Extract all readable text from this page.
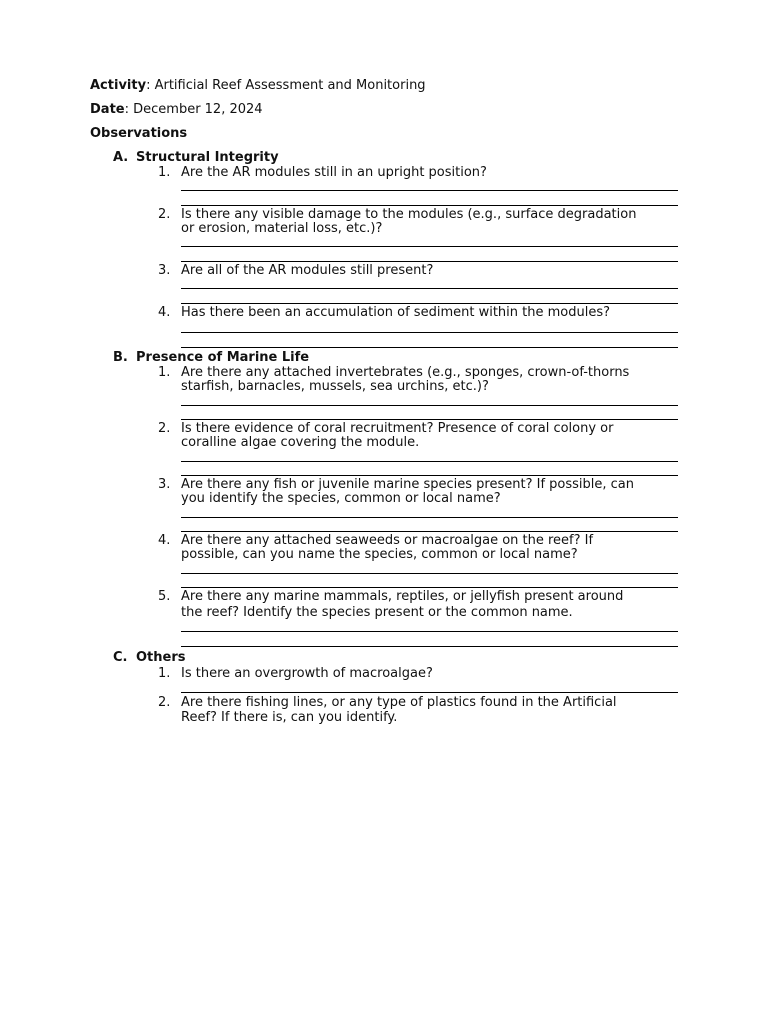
Activity: Artificial Reef Assessment and Monitoring
Date: December 12, 2024
Observations
A. Structural Integrity
1. Are the AR modules still in an upright position?
2. Is there any visible damage to the modules (e.g., surface degradation
or erosion, material loss, etc.)?
3. Are all of the AR modules still present?
4. Has there been an accumulation of sediment within the modules?
B. Presence of Marine Life
1. Are there any attached invertebrates (e.g., sponges, crown-of-thorns
starfish, barnacles, mussels, sea urchins, etc.)?
2. Is there evidence of coral recruitment? Presence of coral colony or
coralline algae covering the module.
3. Are there any fish or juvenile marine species present? If possible, can
you identify the species, common or local name?
4. Are there any attached seaweeds or macroalgae on the reef? If
possible, can you name the species, common or local name?
5. Are there any marine mammals, reptiles, or jellyfish present around
the reef? Identify the species present or the common name.
C. Others
1. Is there an overgrowth of macroalgae?
2. Are there fishing lines, or any type of plastics found in the Artificial
Reef? If there is, can you identify.
